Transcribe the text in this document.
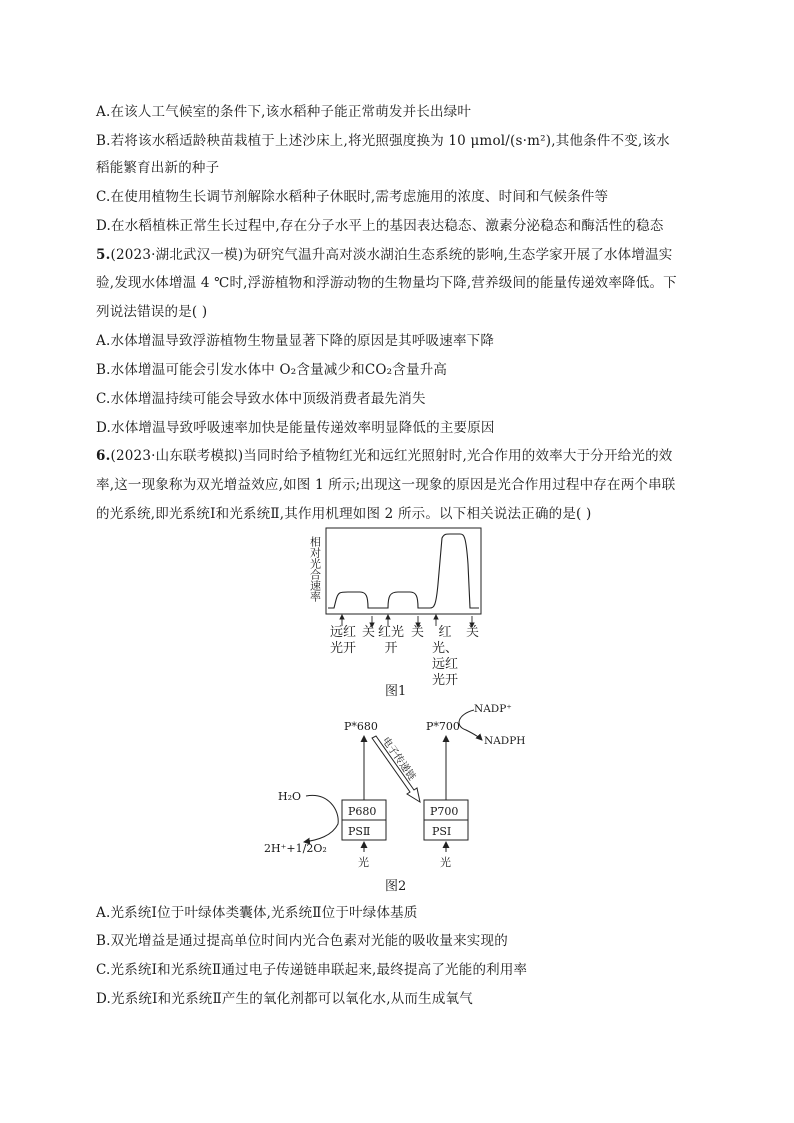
A.在该人工气候室的条件下,该水稻种子能正常萌发并长出绿叶
B.若将该水稻适龄秧苗栽植于上述沙床上,将光照强度换为 10 μmol/(s·m²),其他条件不变,该水
稻能繁育出新的种子
C.在使用植物生长调节剂解除水稻种子休眠时,需考虑施用的浓度、时间和气候条件等
D.在水稻植株正常生长过程中,存在分子水平上的基因表达稳态、激素分泌稳态和酶活性的稳态
5.(2023·湖北武汉一模)为研究气温升高对淡水湖泊生态系统的影响,生态学家开展了水体增温实
验,发现水体增温 4 ℃时,浮游植物和浮游动物的生物量均下降,营养级间的能量传递效率降低。下
列说法错误的是( )
A.水体增温导致浮游植物生物量显著下降的原因是其呼吸速率下降
B.水体增温可能会引发水体中 O₂含量减少和CO₂含量升高
C.水体增温持续可能会导致水体中顶级消费者最先消失
D.水体增温导致呼吸速率加快是能量传递效率明显降低的主要原因
6.(2023·山东联考模拟)当同时给予植物红光和远红光照射时,光合作用的效率大于分开给光的效
率,这一现象称为双光增益效应,如图 1 所示;出现这一现象的原因是光合作用过程中存在两个串联
的光系统,即光系统Ⅰ和光系统Ⅱ,其作用机理如图 2 所示。以下相关说法正确的是( )
相对光合速率
远红
光开
关 红光
开
关	红光、
远红
光开
关
图1
P*680	P*700
NADP⁺
NADPH
电子传递链
P680
PSⅡ
P700
PSⅠ
H₂O
2H⁺+1/2O₂
光	光
图2
A.光系统Ⅰ位于叶绿体类囊体,光系统Ⅱ位于叶绿体基质
B.双光增益是通过提高单位时间内光合色素对光能的吸收量来实现的
C.光系统Ⅰ和光系统Ⅱ通过电子传递链串联起来,最终提高了光能的利用率
D.光系统Ⅰ和光系统Ⅱ产生的氧化剂都可以氧化水,从而生成氧气
